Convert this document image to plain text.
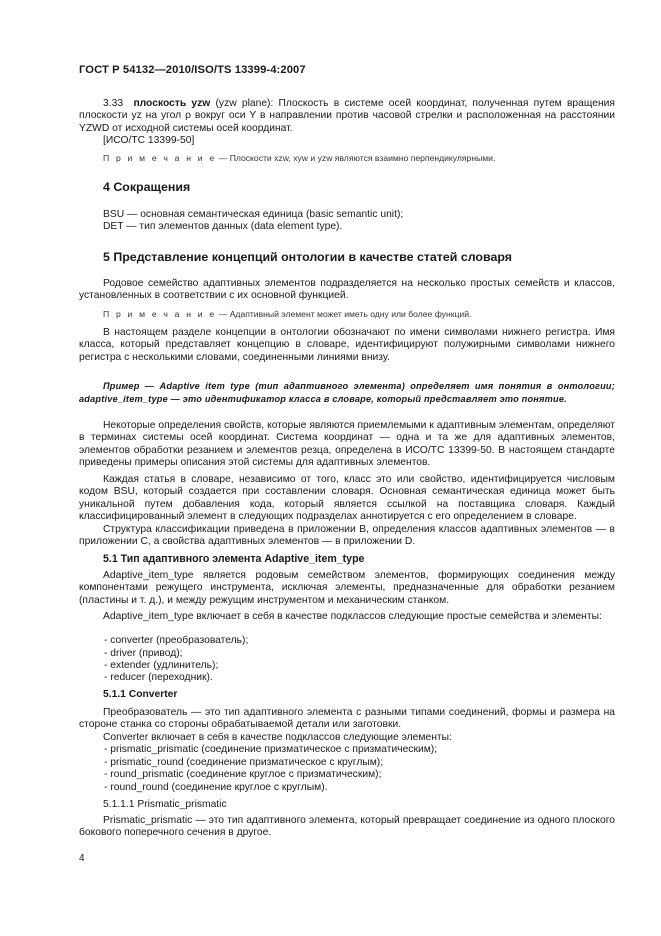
ГОСТ Р 54132—2010/ISO/TS 13399-4:2007

3.33 плоскость yzw (yzw plane): Плоскость в системе осей координат, полученная путем вращения плоскости yz на угол ρ вокруг оси Y в направлении против часовой стрелки и расположенная на расстоянии YZWD от исходной системы осей координат.

[ИСО/ТС 13399-50]

П р и м е ч а н и е — Плоскости xzw, xyw и yzw являются взаимно перпендикулярными.

4 Сокращения

BSU — основная семантическая единица (basic semantic unit);

DET — тип элементов данных (data element type).

5 Представление концепций онтологии в качестве статей словаря

Родовое семейство адаптивных элементов подразделяется на несколько простых семейств и классов, установленных в соответствии с их основной функцией.

П р и м е ч а н и е — Адаптивный элемент может иметь одну или более функций.

В настоящем разделе концепции в онтологии обозначают по имени символами нижнего регистра. Имя класса, который представляет концепцию в словаре, идентифицируют полужирными символами нижнего регистра с несколькими словами, соединенными линиями внизу.

Пример — Adaptive item type (тип адаптивного элемента) определяет имя понятия в онтологии; adaptive_item_type — это идентификатор класса в словаре, который представляет это понятие.

Некоторые определения свойств, которые являются приемлемыми к адаптивным элементам, определяют в терминах системы осей координат. Система координат — одна и та же для адаптивных элементов, элементов обработки резанием и элементов резца, определена в ИСО/ТС 13399-50. В настоящем стандарте приведены примеры описания этой системы для адаптивных элементов.

Каждая статья в словаре, независимо от того, класс это или свойство, идентифицируется числовым кодом BSU, который создается при составлении словаря. Основная семантическая единица может быть уникальной путем добавления кода, который является ссылкой на поставщика словаря. Каждый классифицированный элемент в следующих подразделах аннотируется с его определением в словаре.

Структура классификации приведена в приложении B, определения классов адаптивных элементов — в приложении C, а свойства адаптивных элементов — в приложении D.

5.1 Тип адаптивного элемента Adaptive_item_type

Adaptive_item_type является родовым семейством элементов, формирующих соединения между компонентами режущего инструмента, исключая элементы, предназначенные для обработки резанием (пластины и т. д.), и между режущим инструментом и механическим станком.

Adaptive_item_type включает в себя в качестве подклассов следующие простые семейства и элементы:

- converter (преобразователь);
- driver (привод);
- extender (удлинитель);
- reducer (переходник).
5.1.1 Converter

Преобразователь — это тип адаптивного элемента с разными типами соединений, формы и размера на стороне станка со стороны обрабатываемой детали или заготовки.

Converter включает в себя в качестве подклассов следующие элементы:

- prismatic_prismatic (соединение призматическое с призматическим);
- prismatic_round (соединение призматическое с круглым);
- round_prismatic (соединение круглое с призматическим);
- round_round (соединение круглое с круглым).
5.1.1.1 Prismatic_prismatic

Prismatic_prismatic — это тип адаптивного элемента, который превращает соединение из одного плоского бокового поперечного сечения в другое.

4
